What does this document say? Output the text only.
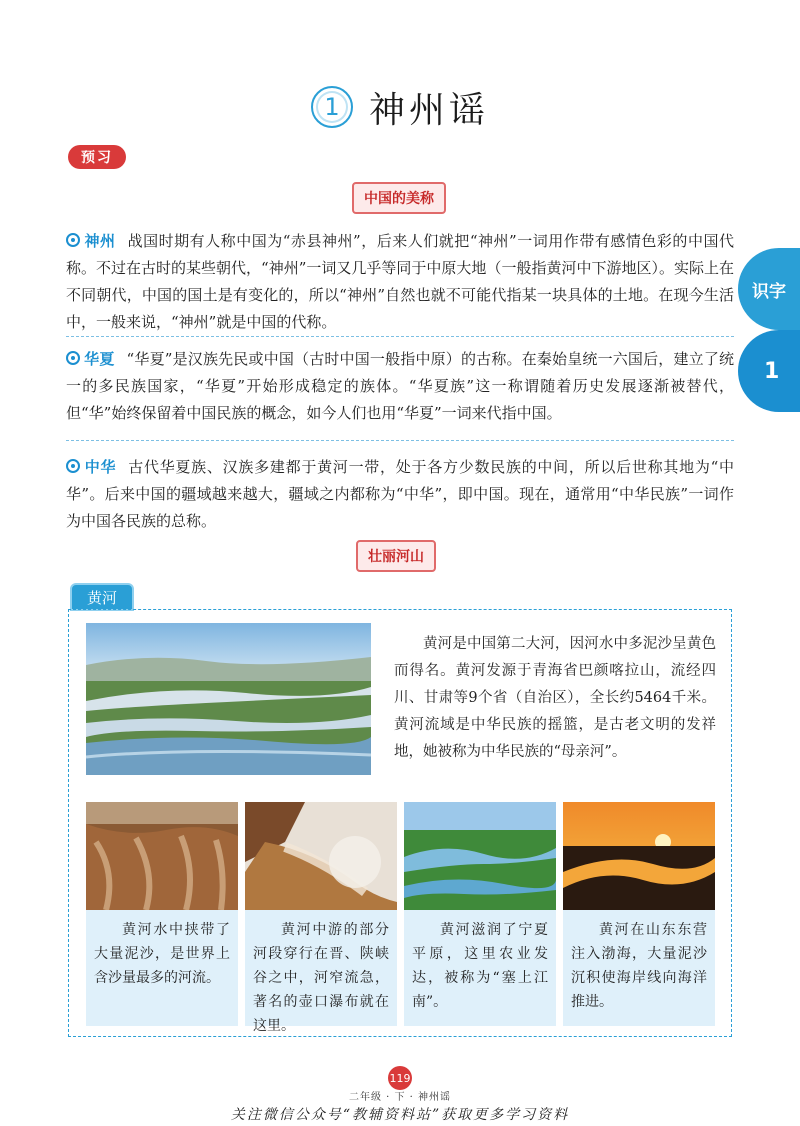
1 神州谣
预习
中国的美称
神州 战国时期有人称中国为“赤县神州”，后来人们就把“神州”一词用作带有感情色彩的中国代称。不过在古时的某些朝代，“神州”一词又几乎等同于中原大地（一般指黄河中下游地区）。实际上在不同朝代，中国的国土是有变化的，所以“神州”自然也就不可能代指某一块具体的土地。在现今生活中，一般来说，“神州”就是中国的代称。
华夏 “华夏”是汉族先民或中国（古时中国一般指中原）的古称。在秦始皇统一六国后，建立了统一的多民族国家，“华夏”开始形成稳定的族体。“华夏族”这一称谓随着历史发展逐渐被替代，但“华”始终保留着中国民族的概念，如今人们也用“华夏”一词来代指中国。
中华 古代华夏族、汉族多建都于黄河一带，处于各方少数民族的中间，所以后世称其地为“中华”。后来中国的疆域越来越大，疆域之内都称为“中华”，即中国。现在，通常用“中华民族”一词作为中国各民族的总称。
识字
1
壮丽河山
黄河
黄河是中国第二大河，因河水中多泥沙呈黄色而得名。黄河发源于青海省巴颜喀拉山，流经四川、甘肃等9个省（自治区），全长约5464千米。黄河流域是中华民族的摇篮，是古老文明的发祥地，她被称为中华民族的“母亲河”。
黄河水中挟带了大量泥沙，是世界上含沙量最多的河流。
黄河中游的部分河段穿行在晋、陕峡谷之中，河窄流急，著名的壶口瀑布就在这里。
黄河滋润了宁夏平原，这里农业发达，被称为“塞上江南”。
黄河在山东东营注入渤海，大量泥沙沉积使海岸线向海洋推进。
119
二年级 · 下 · 神州谣
关注微信公众号“教辅资料站”获取更多学习资料
